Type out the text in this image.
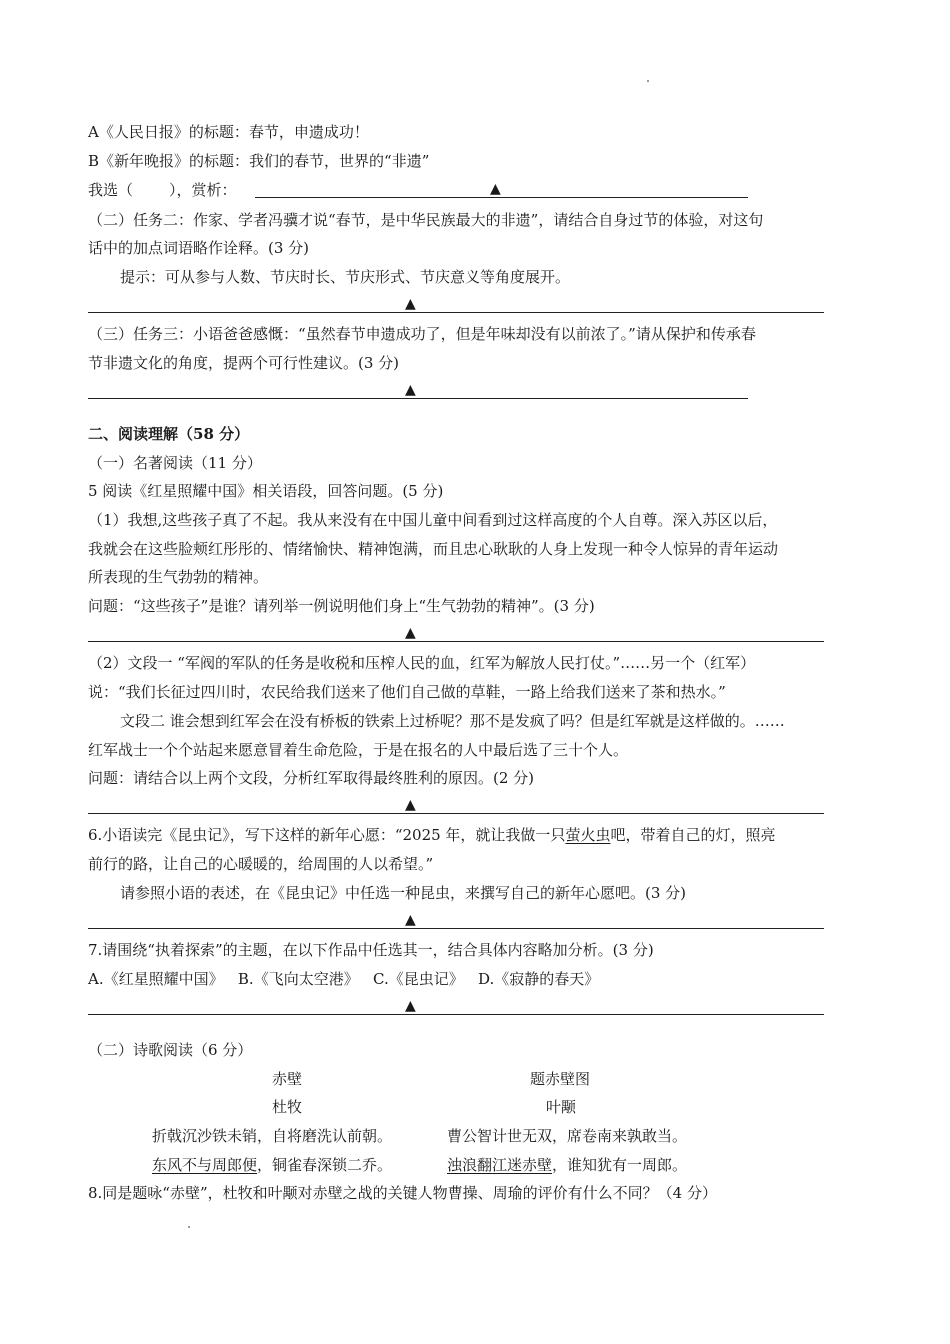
A《人民日报》的标题：春节，申遗成功！
B《新年晚报》的标题：我们的春节，世界的“非遗”
我选（ ），赏析：	▲
（二）任务二：作家、学者冯骥才说“春节，是中华民族最大的非遗”，请结合自身过节的体验，对这句
话中的加点词语略作诠释。(3 分)
提示：可从参与人数、节庆时长、节庆形式、节庆意义等角度展开。
▲
（三）任务三：小语爸爸感慨：“虽然春节申遗成功了，但是年味却没有以前浓了。”请从保护和传承春
节非遗文化的角度，提两个可行性建议。(3 分)
▲
二、阅读理解（58 分）
（一）名著阅读（11 分）
5 阅读《红星照耀中国》相关语段，回答问题。(5 分)
（1）我想,这些孩子真了不起。我从来没有在中国儿童中间看到过这样高度的个人自尊。深入苏区以后，
我就会在这些脸颊红彤彤的、情绪愉快、精神饱满，而且忠心耿耿的人身上发现一种令人惊异的青年运动
所表现的生气勃勃的精神。
问题：“这些孩子”是谁？请列举一例说明他们身上“生气勃勃的精神”。(3 分)
▲
（2）文段一 “军阀的军队的任务是收税和压榨人民的血，红军为解放人民打仗。”……另一个（红军）
说：“我们长征过四川时，农民给我们送来了他们自己做的草鞋，一路上给我们送来了茶和热水。”
文段二 谁会想到红军会在没有桥板的铁索上过桥呢？那不是发疯了吗？但是红军就是这样做的。……
红军战士一个个站起来愿意冒着生命危险，于是在报名的人中最后选了三十个人。
问题：请结合以上两个文段，分析红军取得最终胜利的原因。(2 分)
▲
6.小语读完《昆虫记》，写下这样的新年心愿：“2025 年，就让我做一只萤火虫吧，带着自己的灯，照亮
前行的路，让自己的心暖暖的，给周围的人以希望。”
请参照小语的表述，在《昆虫记》中任选一种昆虫，来撰写自己的新年心愿吧。(3 分)
▲
7.请围绕“执着探索”的主题，在以下作品中任选其一，结合具体内容略加分析。(3 分)
A.《红星照耀中国》   B.《飞向太空港》   C.《昆虫记》   D.《寂静的春天》
▲
（二）诗歌阅读（6 分）
赤壁
杜牧
题赤壁图
叶颙
折戟沉沙铁未销，自将磨洗认前朝。
东风不与周郎便，铜雀春深锁二乔。
曹公智计世无双，席卷南来孰敢当。
浊浪翻江迷赤壁，谁知犹有一周郎。
8.同是题咏“赤壁”，杜牧和叶颙对赤壁之战的关键人物曹操、周瑜的评价有什么不同？（4 分）
